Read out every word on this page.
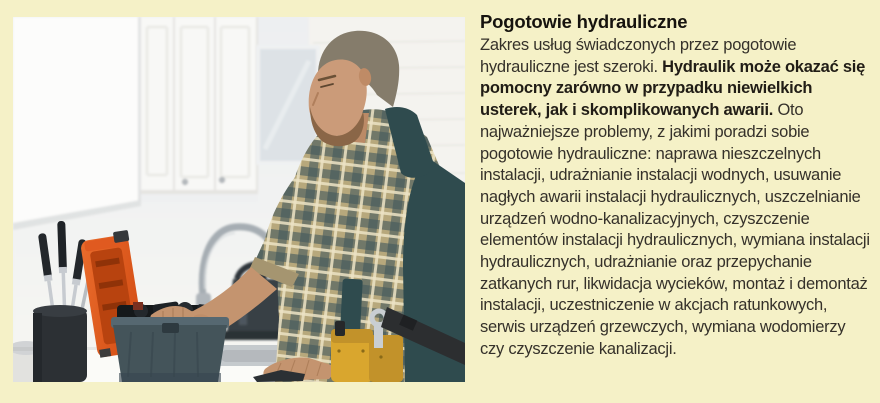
Pogotowie hydrauliczne

Zakres usług świadczonych przez pogotowie hydrauliczne jest szeroki. Hydraulik może okazać się pomocny zarówno w przypadku niewielkich usterek, jak i skomplikowanych awarii. Oto najważniejsze problemy, z jakimi poradzi sobie pogotowie hydrauliczne: naprawa nieszczelnych instalacji, udrażnianie instalacji wodnych, usuwanie nagłych awarii instalacji hydraulicznych, uszczelnianie urządzeń wodno-kanalizacyjnych, czyszczenie elementów instalacji hydraulicznych, wymiana instalacji hydraulicznych, udrażnianie oraz przepychanie zatkanych rur, likwidacja wycieków, montaż i demontaż instalacji, uczestniczenie w akcjach ratunkowych, serwis urządzeń grzewczych, wymiana wodomierzy czy czyszczenie kanalizacji.
